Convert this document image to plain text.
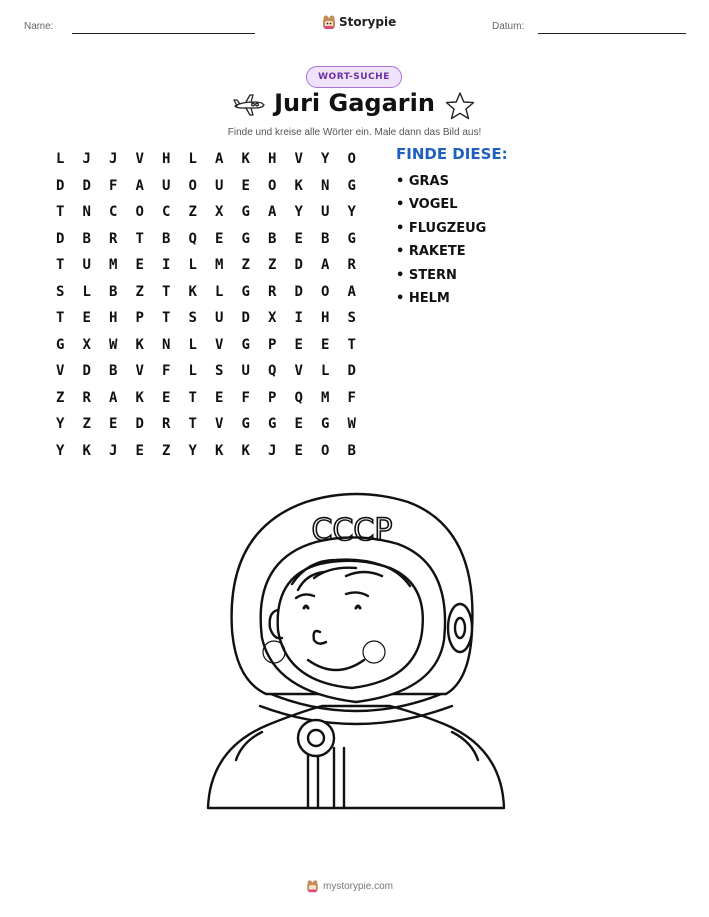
Name:	Storypie	Datum:
WORT-SUCHE
Juri Gagarin
Finde und kreise alle Wörter ein. Male dann das Bild aus!
L	J	J	V	H	L	A	K	H	V	Y	O
D	D	F	A	U	O	U	E	O	K	N	G
T	N	C	O	C	Z	X	G	A	Y	U	Y
D	B	R	T	B	Q	E	G	B	E	B	G
T	U	M	E	I	L	M	Z	Z	D	A	R
S	L	B	Z	T	K	L	G	R	D	O	A
T	E	H	P	T	S	U	D	X	I	H	S
G	X	W	K	N	L	V	G	P	E	E	T
V	D	B	V	F	L	S	U	Q	V	L	D
Z	R	A	K	E	T	E	F	P	Q	M	F
Y	Z	E	D	R	T	V	G	G	E	G	W
Y	K	J	E	Z	Y	K	K	J	E	O	B
FINDE DIESE:
• GRAS
• VOGEL
• FLUGZEUG
• RAKETE
• STERN
• HELM
CCCP
mystorypie.com
